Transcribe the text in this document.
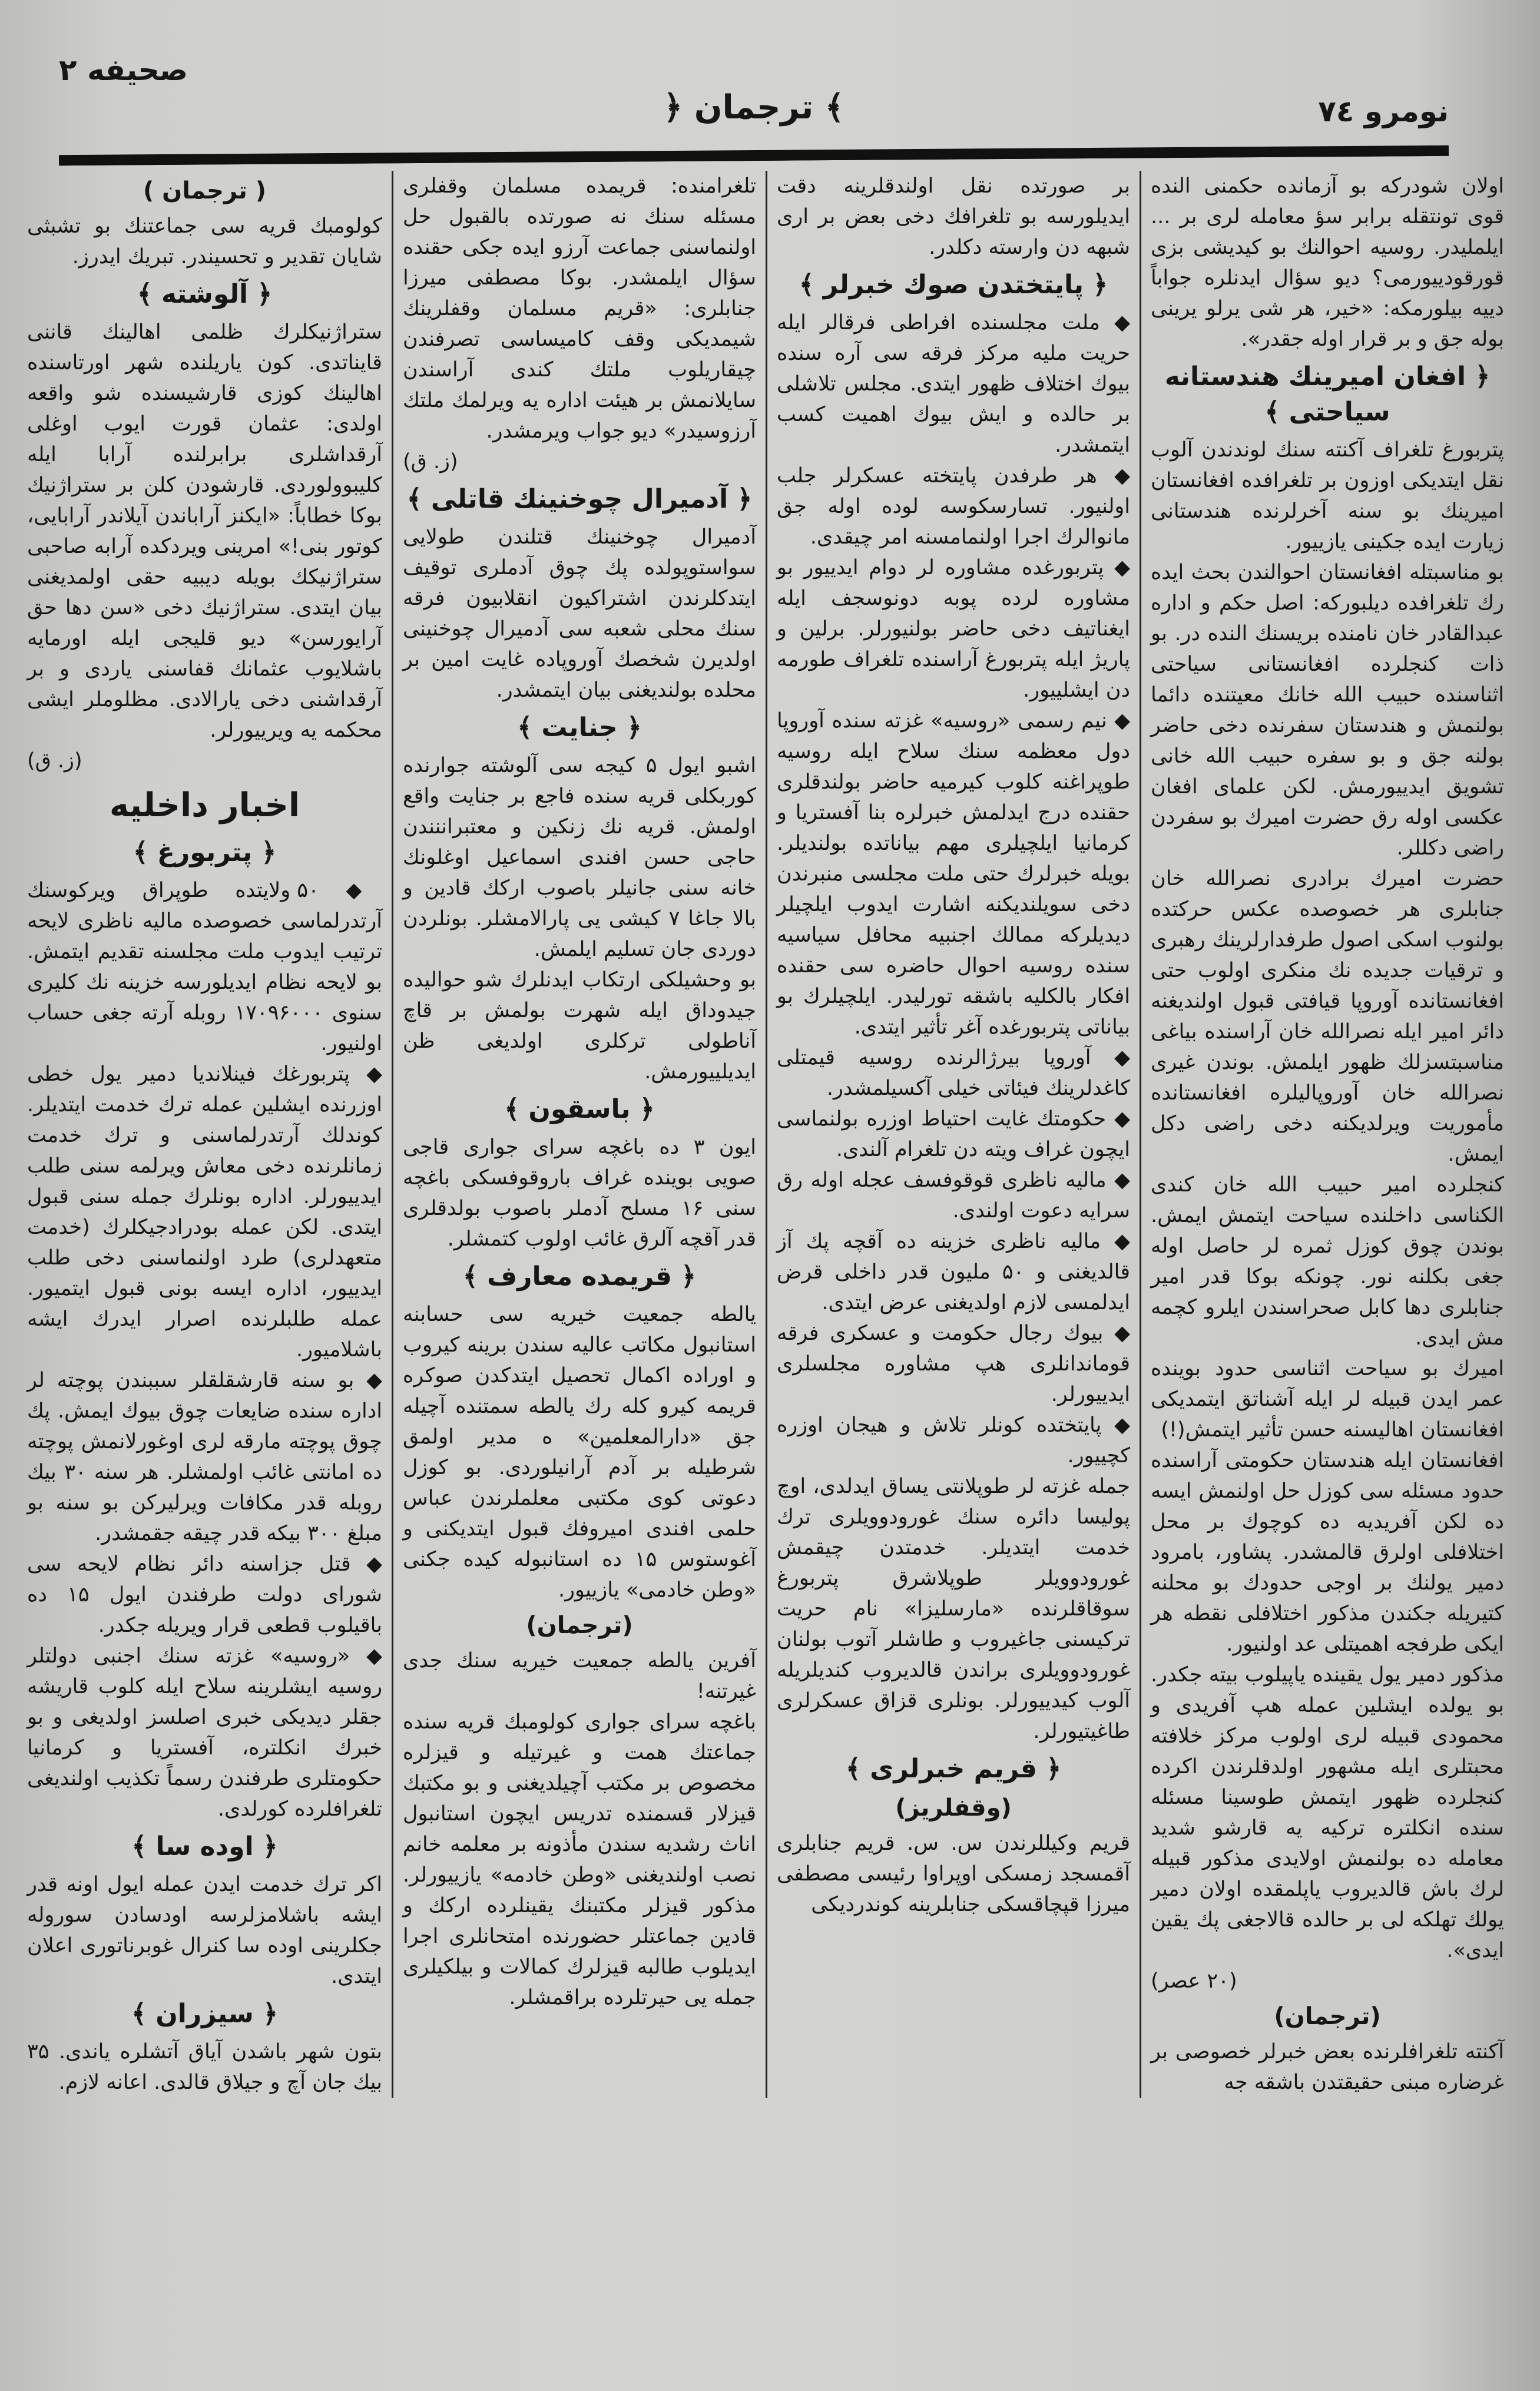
نومرو ۷٤
﴾ ترجمان ﴿
صحیفه ۲

اولان شودرکه بو آزمانده حکمنی النده قوی تونتقله برابر سؤ معامله لری بر ... ایلملیدر. روسیه احوالنك بو کیدیشی بزی قورقودییورمی؟ دیو سؤال ایدنلره جواباً دییه بیلورمکه: «خیر، هر شی یرلو یرینی بوله جق و بر قرار اوله جقدر».

﴿ افغان امیرینك هندستانه سیاحتی ﴾

پتربورغ تلغراف آکنته سنك لوندندن آلوب نقل ایتدیکی اوزون بر تلغرافده افغانستان امیرینك بو سنه آخرلرنده هندستانی زیارت ایده جکینی یازییور.

بو مناسبتله افغانستان احوالندن بحث ایده رك تلغرافده دیلبورکه: اصل حکم و اداره عبدالقادر خان نامنده بریسنك النده در. بو ذات کنجلرده افغانستانی سیاحتی اثناسنده حبیب الله خانك معیتنده دائما بولنمش و هندستان سفرنده دخی حاضر بولنه جق و بو سفره حبیب الله خانی تشویق ایدییورمش. لکن علمای افغان عکسی اوله رق حضرت امیرك بو سفردن راضی دکللر.

حضرت امیرك برادری نصرالله خان جنابلری هر خصوصده عکس حرکتده بولنوب اسکی اصول طرفدارلرینك رهبری و ترقیات جدیده نك منکری اولوب حتی افغانستانده آوروپا قیافتی قبول اولندیغنه دائر امیر ایله نصرالله خان آراسنده بیاغی مناسبتسزلك ظهور ایلمش. بوندن غیری نصرالله خان آوروپالیلره افغانستانده مأموریت ویرلدیکنه دخی راضی دکل ایمش.

کنجلرده امیر حبیب الله خان کندی الکناسی داخلنده سیاحت ایتمش ایمش. بوندن چوق کوزل ثمره لر حاصل اوله جغی بکلنه نور. چونکه بوکا قدر امیر جنابلری دها کابل صحراسندن ایلرو کچمه مش ایدی.

امیرك بو سیاحت اثناسی حدود بوینده عمر ایدن قبیله لر ایله آشناتق ایتمدیکی افغانستان اهالیسنه حسن تأثیر ایتمش(!)

افغانستان ایله هندستان حکومتی آراسنده حدود مسئله سی کوزل حل اولنمش ایسه ده لکن آفریدیه ده کوچوك بر محل اختلافلی اولرق قالمشدر. پشاور، بامرود دمیر یولنك بر اوجی حدودك بو محلنه کتیریله جکندن مذکور اختلافلی نقطه هر ایکی طرفجه اهمیتلی عد اولنیور.

مذکور دمیر یول یقینده یاپیلوب بیته جکدر. بو یولده ایشلین عمله هپ آفریدی و محمودی قبیله لری اولوب مرکز خلافته محبتلری ایله مشهور اولدقلرندن اکرده کنجلرده ظهور ایتمش طوسینا مسئله سنده انکلتره ترکیه یه قارشو شدید معامله ده بولنمش اولایدی مذکور قبیله لرك باش قالدیروب یاپلمقده اولان دمیر یولك تهلکه لی بر حالده قالاجغی پك یقین ایدی».

(۲۰ عصر)
(ترجمان)

آکنته تلغرافلرنده بعض خبرلر خصوصی بر غرضاره مبنی حقیقتدن باشقه جه

بر صورتده نقل اولندقلرینه دقت ایدیلورسه بو تلغرافك دخی بعض بر اری شبهه دن وارسته دکلدر.

﴿ پایتختدن صوك خبرلر ﴾

◆ ملت مجلسنده افراطی فرقالر ایله حریت ملیه مرکز فرقه سی آره سنده بیوك اختلاف ظهور ایتدی. مجلس تلاشلی بر حالده و ایش بیوك اهمیت کسب ایتمشدر.

◆ هر طرفدن پایتخته عسکرلر جلب اولنیور. تسارسکوسه لوده اوله جق مانوالرك اجرا اولنمامسنه امر چیقدی.

◆ پتربورغده مشاوره لر دوام ایدییور بو مشاوره لرده پوبه دونوسجف ایله ایغناتیف دخی حاضر بولنیورلر. برلین و پاریژ ایله پتربورغ آراسنده تلغراف طورمه دن ایشلییور.

◆ نیم رسمی «روسیه» غزته سنده آوروپا دول معظمه سنك سلاح ایله روسیه طوپراغنه کلوب کیرمیه حاضر بولندقلری حقنده درج ایدلمش خبرلره بنا آفستریا و کرمانیا ایلچیلری مهم بیاناتده بولندیلر. بویله خبرلرك حتی ملت مجلسی منبرندن دخی سویلندیکنه اشارت ایدوب ایلچیلر دیدیلرکه ممالك اجنبیه محافل سیاسیه سنده روسیه احوال حاضره سی حقنده افکار بالکلیه باشقه تورلیدر. ایلچیلرك بو بیاناتی پتربورغده آغر تأثیر ایتدی.

◆ آوروپا بیرژالرنده روسیه قیمتلی کاغدلرینك فیئاتی خیلی آکسیلمشدر.

◆ حکومتك غایت احتیاط اوزره بولنماسی ایچون غراف ویته دن تلغرام آلندی.

◆ مالیه ناظری قوقوفسف عجله اوله رق سرایه دعوت اولندی.

◆ مالیه ناظری خزینه ده آقچه پك آز قالدیغنی و ۵۰ ملیون قدر داخلی قرض ایدلمسی لازم اولدیغنی عرض ایتدی.

◆ بیوك رجال حکومت و عسکری فرقه قوماندانلری هپ مشاوره مجلسلری ایدییورلر.

◆ پایتختده کونلر تلاش و هیجان اوزره کچییور.

جمله غزته لر طوپلانتی یساق ایدلدی، اوچ پولیسا دائره سنك غورودوویلری ترك خدمت ایتدیلر. خدمتدن چیقمش غورودوویلر طوپلاشرق پتربورغ سوقاقلرنده «مارسلیزا» نام حریت ترکیسنی جاغیروب و طاشلر آتوب بولنان غورودوویلری براندن قالدیروب کندیلریله آلوب کیدییورلر. بونلری قزاق عسکرلری طاغیتیورلر.

﴿ قریم خبرلری ﴾
(وقفلریز)

قریم وکیللرندن س. س. قریم جنابلری آقمسجد زمسکی اوپراوا رئیسی مصطفی میرزا قپچاقسکی جنابلرینه کوندردیکی

تلغرامنده: قریمده مسلمان وقفلری مسئله سنك نه صورتده بالقبول حل اولنماسنی جماعت آرزو ایده جکی حقنده سؤال ایلمشدر. بوکا مصطفی میرزا جنابلری: «قریم مسلمان وقفلرینك شیمدیکی وقف کامیساسی تصرفندن چیقاریلوب ملتك کندی آراسندن سایلانمش بر هیئت اداره یه ویرلمك ملتك آرزوسیدر» دیو جواب ویرمشدر.

(ز. ق)
﴿ آدمیرال چوخنینك قاتلی ﴾

آدمیرال چوخنینك قتلندن طولایی سواستوپولده پك چوق آدملری توقیف ایتدکلرندن اشتراکیون انقلابیون فرقه سنك محلی شعبه سی آدمیرال چوخنینی اولدیرن شخصك آوروپاده غایت امین بر محلده بولندیغنی بیان ایتمشدر.

﴿ جنایت ﴾

اشبو ایول ۵ کیجه سی آلوشته جوارنده کوربکلی قریه سنده فاجع بر جنایت واقع اولمش. قریه نك زنکین و معتبراننندن حاجی حسن افندی اسماعیل اوغلونك خانه سنی جانیلر باصوب ارکك قادین و بالا جاغا ۷ کیشی یی پارالامشلر. بونلردن دوردی جان تسلیم ایلمش.

بو وحشیلکی ارتکاب ایدنلرك شو حوالیده جیدوداق ایله شهرت بولمش بر قاچ آناطولی ترکلری اولدیغی ظن ایدیلییورمش.

﴿ باسقون ﴾

ایون ۳ ده باغچه سرای جواری قاجی صویی بوینده غراف باروقوفسکی باغچه سنی ۱۶ مسلح آدملر باصوب بولدقلری قدر آقچه آلرق غائب اولوب کتمشلر.

﴿ قریمده معارف ﴾

یالطه جمعیت خیریه سی حسابنه استانبول مکاتب عالیه سندن برینه کیروب و اوراده اکمال تحصیل ایتدکدن صوکره قریمه کیرو کله رك یالطه سمتنده آچیله جق «دارالمعلمین» ه مدیر اولمق شرطیله بر آدم آرانیلوردی. بو کوزل دعوتی کوی مکتبی معلملرندن عباس حلمی افندی امیروفك قبول ایتدیکنی و آغوستوس ۱۵ ده استانبوله کیده جکنی «وطن خادمی» یازییور.

(ترجمان)

آفرین یالطه جمعیت خیریه سنك جدی غیرتنه!

باغچه سرای جواری کولومبك قریه سنده جماعتك همت و غیرتیله و قیزلره مخصوص بر مکتب آچیلدیغنی و بو مکتبك قیزلار قسمنده تدریس ایچون استانبول اناث رشدیه سندن مأذونه بر معلمه خانم نصب اولندیغنی «وطن خادمه» یازییورلر. مذکور قیزلر مکتبنك یقینلرده ارکك و قادین جماعتلر حضورنده امتحانلری اجرا ایدیلوب طالبه قیزلرك کمالات و بیلکیلری جمله یی حیرتلرده براقمشلر.

( ترجمان )

کولومبك قریه سی جماعتنك بو تشبثی شایان تقدیر و تحسیندر. تبریك ایدرز.

﴿ آلوشته ﴾

ستراژنیکلرك ظلمی اهالینك قاننی قایناتدی. کون یاریلنده شهر اورتاسنده اهالینك کوزی قارشیسنده شو واقعه اولدی: عثمان قورت ایوب اوغلی آرقداشلری برابرلنده آرابا ایله کلیبوولوردی. قارشودن کلن بر ستراژنیك بوکا خطاباً: «ایکنز آراباندن آیلاندر آرابایی، کوتور بنی!» امرینی ویردکده آرابه صاحبی ستراژنیکك بویله دیبیه حقی اولمدیغنی بیان ایتدی. ستراژنیك دخی «سن دها حق آرایورسن» دیو قلیجی ایله اورمایه باشلایوب عثمانك قفاسنی یاردی و بر آرقداشنی دخی یارالادی. مظلوملر ایشی محکمه یه ویرییورلر.

(ز. ق)
اخبار داخلیه
﴿ پتربورغ ﴾

◆ ۵۰ ولایتده طوپراق ویرکوسنك آرتدرلماسی خصوصده مالیه ناظری لایحه ترتیب ایدوب ملت مجلسنه تقدیم ایتمش. بو لایحه نظام ایدیلورسه خزینه نك کلیری سنوی ۱۷۰۹۶۰۰۰ روبله آرته جغی حساب اولنیور.

◆ پتربورغك فینلاندیا دمیر یول خطی اوزرنده ایشلین عمله ترك خدمت ایتدیلر. کوندلك آرتدرلماسنی و ترك خدمت زمانلرنده دخی معاش ویرلمه سنی طلب ایدییورلر. اداره بونلرك جمله سنی قبول ایتدی. لکن عمله بودرادجیکلرك (خدمت متعهدلری) طرد اولنماسنی دخی طلب ایدییور، اداره ایسه بونی قبول ایتمیور. عمله طلبلرنده اصرار ایدرك ایشه باشلامیور.

◆ بو سنه قارشقلقلر سببندن پوچته لر اداره سنده ضایعات چوق بیوك ایمش. پك چوق پوچته مارقه لری اوغورلانمش پوچته ده امانتی غائب اولمشلر. هر سنه ۳۰ بیك روبله قدر مکافات ویرلیرکن بو سنه بو مبلغ ۳۰۰ بیکه قدر چیقه جقمشدر.

◆ قتل جزاسنه دائر نظام لایحه سی شورای دولت طرفندن ایول ۱۵ ده باقیلوب قطعی قرار ویریله جکدر.

◆ «روسیه» غزته سنك اجنبی دولتلر روسیه ایشلرینه سلاح ایله کلوب قاریشه جقلر دیدیکی خبری اصلسز اولدیغی و بو خبرك انکلتره، آفستریا و کرمانیا حکومتلری طرفندن رسماً تکذیب اولندیغی تلغرافلرده کورلدی.

﴿ اوده سا ﴾

اکر ترك خدمت ایدن عمله ایول اونه قدر ایشه باشلامزلرسه اودسادن سوروله جکلرینی اوده سا کنرال غوبرناتوری اعلان ایتدی.

﴿ سیزران ﴾

بتون شهر باشدن آیاق آتشلره یاندی. ۳۵ بیك جان آچ و جیلاق قالدی. اعانه لازم.
